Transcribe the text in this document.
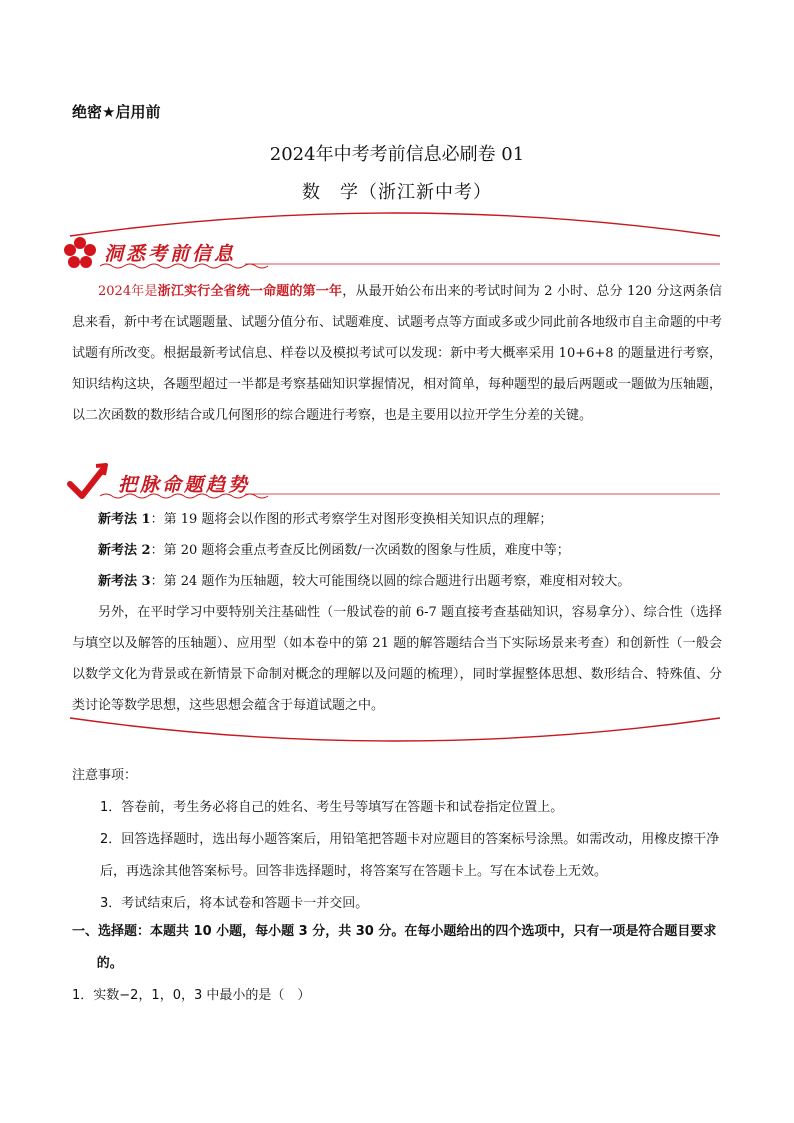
绝密★启用前
2024年中考考前信息必刷卷 01
数　学（浙江新中考）
洞悉考前信息

2024年是浙江实行全省统一命题的第一年，从最开始公布出来的考试时间为 2 小时、总分 120 分这两条信息来看，新中考在试题题量、试题分值分布、试题难度、试题考点等方面或多或少同此前各地级市自主命题的中考试题有所改变。根据最新考试信息、样卷以及模拟考试可以发现：新中考大概率采用 10+6+8 的题量进行考察，知识结构这块，各题型超过一半都是考察基础知识掌握情况，相对简单，每种题型的最后两题或一题做为压轴题，以二次函数的数形结合或几何图形的综合题进行考察，也是主要用以拉开学生分差的关键。

把脉命题趋势

新考法 1：第 19 题将会以作图的形式考察学生对图形变换相关知识点的理解；

新考法 2：第 20 题将会重点考查反比例函数/一次函数的图象与性质，难度中等；

新考法 3：第 24 题作为压轴题，较大可能围绕以圆的综合题进行出题考察，难度相对较大。

另外，在平时学习中要特别关注基础性（一般试卷的前 6-7 题直接考查基础知识，容易拿分）、综合性（选择与填空以及解答的压轴题）、应用型（如本卷中的第 21 题的解答题结合当下实际场景来考查）和创新性（一般会以数学文化为背景或在新情景下命制对概念的理解以及问题的梳理），同时掌握整体思想、数形结合、特殊值、分类讨论等数学思想，这些思想会蕴含于每道试题之中。

注意事项：

1．答卷前，考生务必将自己的姓名、考生号等填写在答题卡和试卷指定位置上。

2．回答选择题时，选出每小题答案后，用铅笔把答题卡对应题目的答案标号涂黑。如需改动，用橡皮擦干净后，再选涂其他答案标号。回答非选择题时，将答案写在答题卡上。写在本试卷上无效。

3．考试结束后，将本试卷和答题卡一并交回。

一、选择题：本题共 10 小题，每小题 3 分，共 30 分。在每小题给出的四个选项中，只有一项是符合题目要求的。

1．实数−2，1，0，3 中最小的是（　）
